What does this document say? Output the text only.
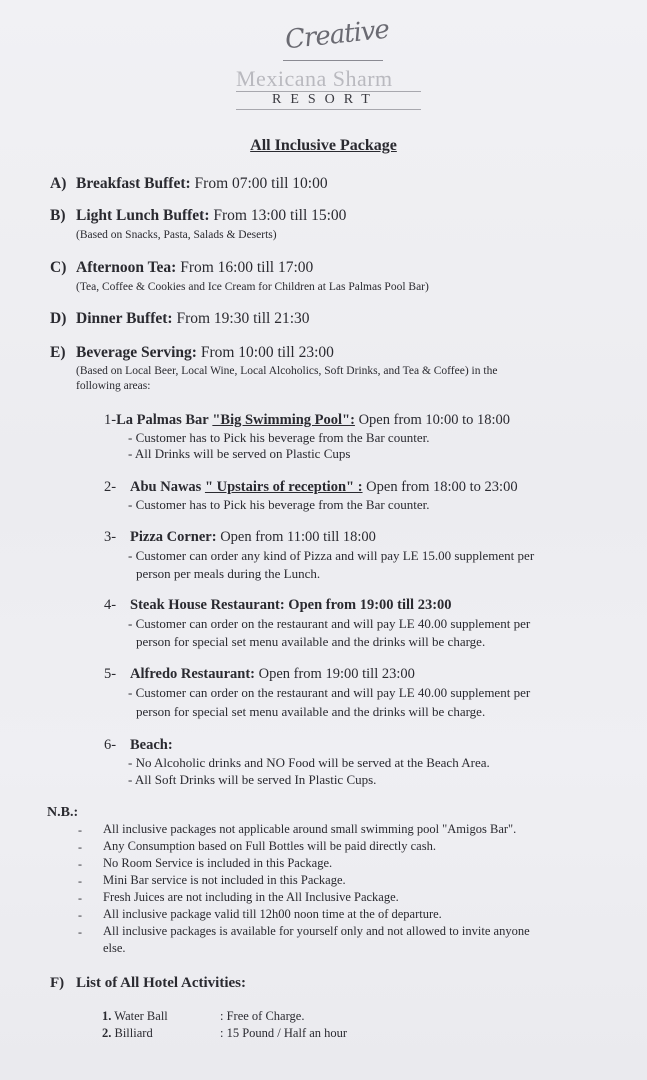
Creative
Mexicana Sharm
RESORT
All Inclusive Package
A) Breakfast Buffet: From 07:00 till 10:00
B) Light Lunch Buffet: From 13:00 till 15:00
(Based on Snacks, Pasta, Salads & Deserts)
C) Afternoon Tea: From 16:00 till 17:00
(Tea, Coffee & Cookies and Ice Cream for Children at Las Palmas Pool Bar)
D) Dinner Buffet: From 19:30 till 21:30
E) Beverage Serving: From 10:00 till 23:00
(Based on Local Beer, Local Wine, Local Alcoholics, Soft Drinks, and Tea & Coffee) in the
following areas:
1-La Palmas Bar "Big Swimming Pool": Open from 10:00 to 18:00
- Customer has to Pick his beverage from the Bar counter.
- All Drinks will be served on Plastic Cups
2- Abu Nawas " Upstairs of reception" : Open from 18:00 to 23:00
- Customer has to Pick his beverage from the Bar counter.
3- Pizza Corner: Open from 11:00 till 18:00
- Customer can order any kind of Pizza and will pay LE 15.00 supplement per
person per meals during the Lunch.
4- Steak House Restaurant: Open from 19:00 till 23:00
- Customer can order on the restaurant and will pay LE 40.00 supplement per
person for special set menu available and the drinks will be charge.
5- Alfredo Restaurant: Open from 19:00 till 23:00
- Customer can order on the restaurant and will pay LE 40.00 supplement per
person for special set menu available and the drinks will be charge.
6- Beach:
- No Alcoholic drinks and NO Food will be served at the Beach Area.
- All Soft Drinks will be served In Plastic Cups.
N.B.:
- All inclusive packages not applicable around small swimming pool "Amigos Bar".
- Any Consumption based on Full Bottles will be paid directly cash.
- No Room Service is included in this Package.
- Mini Bar service is not included in this Package.
- Fresh Juices are not including in the All Inclusive Package.
- All inclusive package valid till 12h00 noon time at the of departure.
- All inclusive packages is available for yourself only and not allowed to invite anyone
else.
F) List of All Hotel Activities:
1. Water Ball	: Free of Charge.
2. Billiard	: 15 Pound / Half an hour
